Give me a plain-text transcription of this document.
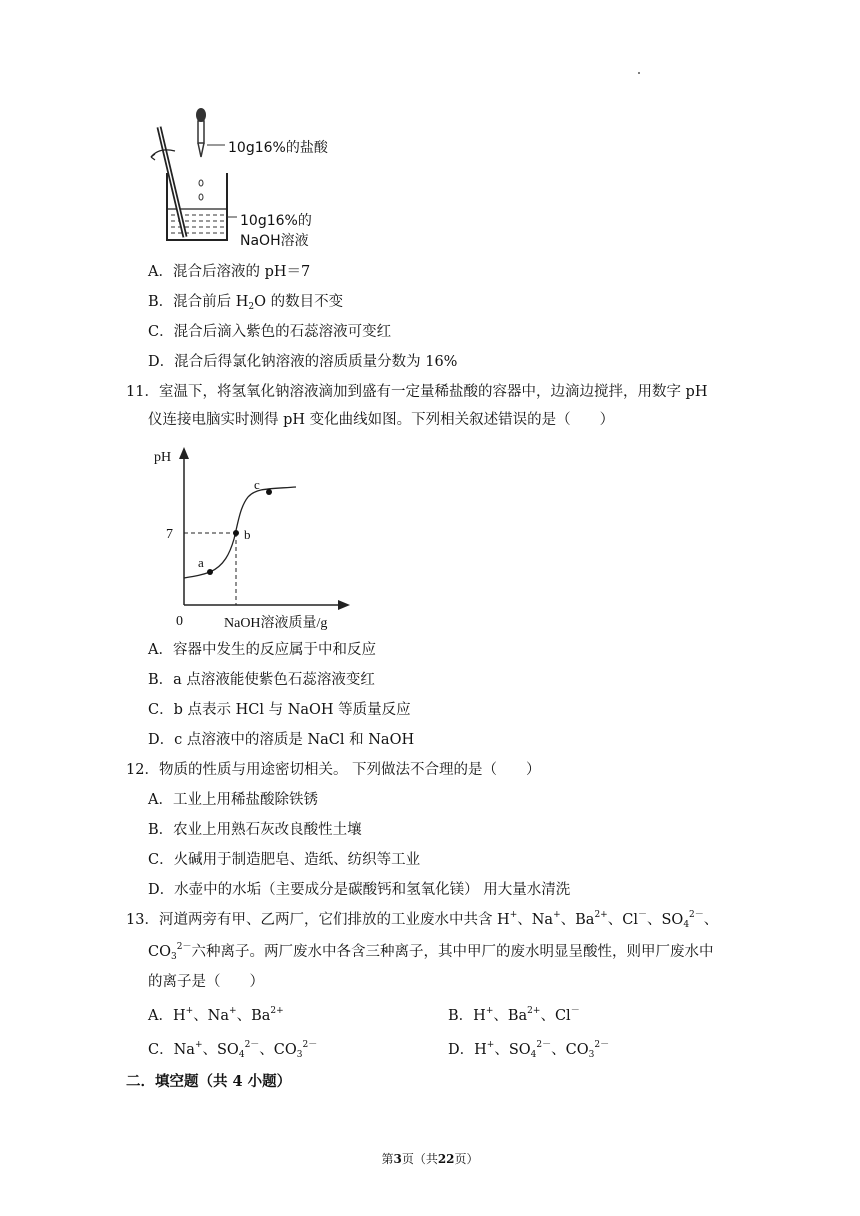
10g16%的盐酸
10g16%的
NaOH溶液
A．混合后溶液的 pH＝7
B．混合前后 $H_2O$ 的数目不变
C．混合后滴入紫色的石蕊溶液可变红
D．混合后得氯化钠溶液的溶质质量分数为 16%
11．室温下，将氢氧化钠溶液滴加到盛有一定量稀盐酸的容器中，边滴边搅拌，用数字 pH
仪连接电脑实时测得 pH 变化曲线如图。下列相关叙述错误的是（　　）
pH
7
0	NaOH溶液质量/g
a
b
c
A．容器中发生的反应属于中和反应
B．a 点溶液能使紫色石蕊溶液变红
C．b 点表示 HCl 与 NaOH 等质量反应
D．c 点溶液中的溶质是 NaCl 和 NaOH
12．物质的性质与用途密切相关。 下列做法不合理的是（　　）
A．工业上用稀盐酸除铁锈
B．农业上用熟石灰改良酸性土壤
C．火碱用于制造肥皂、造纸、纺织等工业
D．水壶中的水垢（主要成分是碳酸钙和氢氧化镁） 用大量水清洗
13．河道两旁有甲、乙两厂，它们排放的工业废水中共含 H+、Na+、$Ba^{2+}$、Cl－、$SO_4^{2-}$、
$CO_3^{2-}$六种离子。两厂废水中各含三种离子，其中甲厂的废水明显呈酸性，则甲厂废水中
的离子是（　　）
A．H+、Na+、$Ba^{2+}$	B．H+、$Ba^{2+}$、Cl－
C．Na+、$SO_4^{2-}$、$CO_3^{2-}$	D．H+、$SO_4^{2-}$、$CO_3^{2-}$
二．填空题（共 4 小题）
第3页（共22页）
